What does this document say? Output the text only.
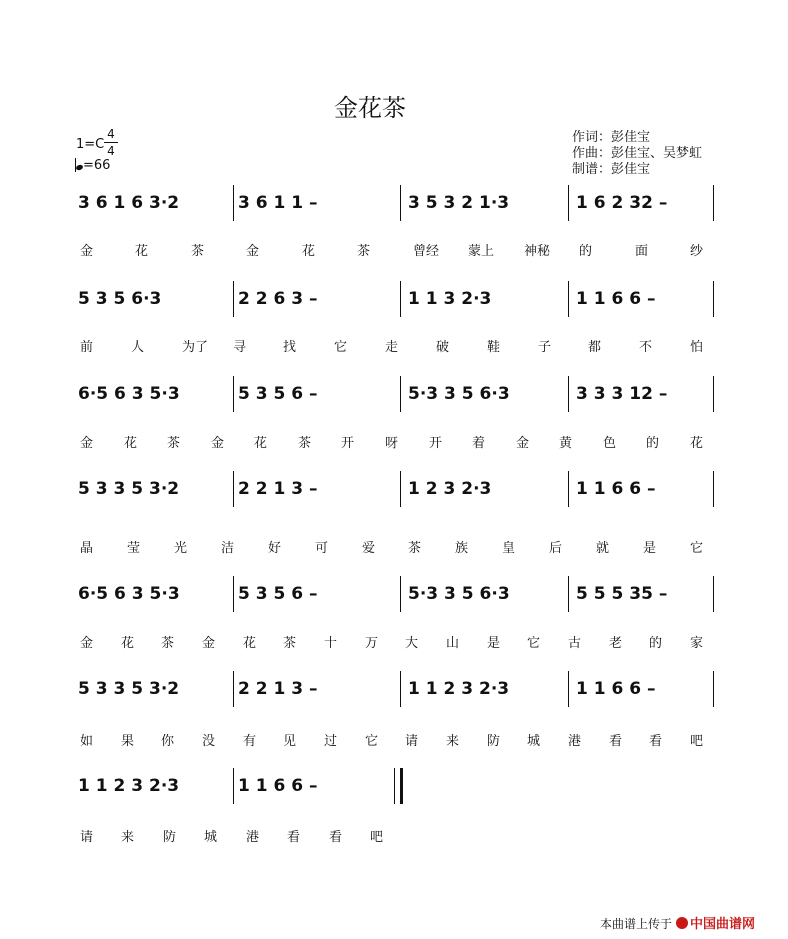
金花茶
1=C
4
4
=66
作词：彭佳宝
作曲：彭佳宝、吴梦虹
制谱：彭佳宝
3 6 1 6 3·2	3 6 1 1 –	3 5 3 2 1·3	1 6 2 32 –
金	花	茶	金	花	茶	曾经 蒙上 神秘 的	面	纱
5 3 5 6·3	2 2 6 3 –	1 1 3 2·3	1 1 6 6 –
前	人	为了 寻	找	它	走	破	鞋	子	都	不	怕
6·5 6 3 5·3	5 3 5 6 –	5·3 3 5 6·3	3 3 3 12 –
金 花 茶 金 花 茶 开 呀 开 着 金 黄 色 的 花
5 3 3 5 3·2	2 2 1 3 –	1 2 3 2·3	1 1 6 6 –
晶	莹	光	洁	好	可	爱	茶	族	皇	后	就	是	它
6·5 6 3 5·3	5 3 5 6 –	5·3 3 5 6·3	5 5 5 35 –
金 花 茶 金 花 茶 十 万 大 山 是 它 古 老 的 家
5 3 3 5 3·2	2 2 1 3 –	1 1 2 3 2·3	1 1 6 6 –
如 果 你 没 有 见 过 它 请 来 防 城 港 看 看 吧
1 1 2 3 2·3	1 1 6 6 –
请 来 防 城 港 看 看 吧
本曲谱上传于 中国曲谱网
